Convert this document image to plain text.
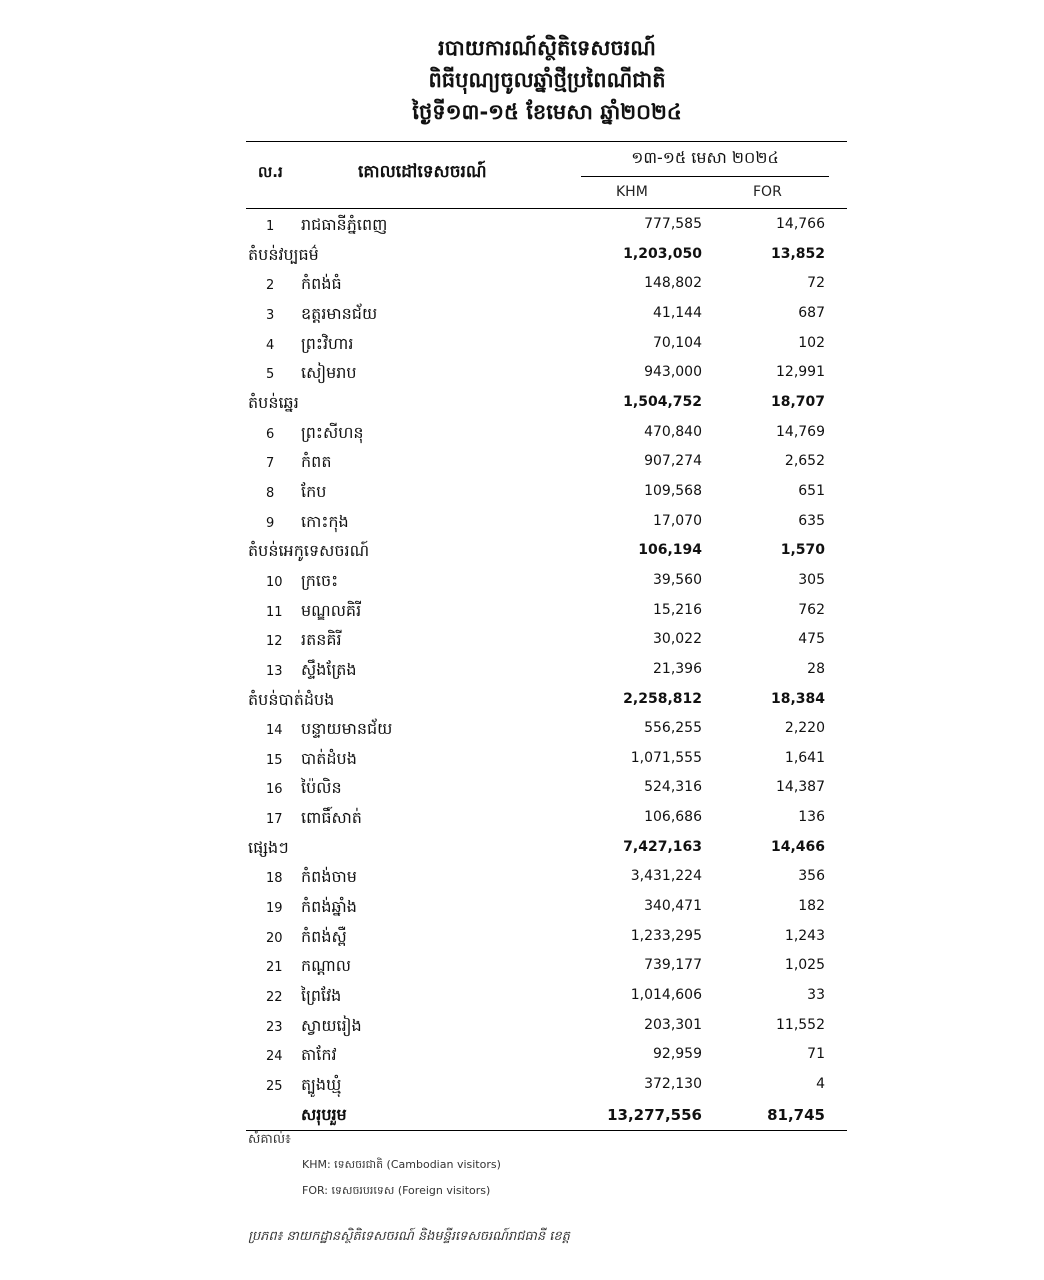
របាយការណ៍ស្ថិតិទេសចរណ៍
ពិធីបុណ្យចូលឆ្នាំថ្មីប្រពៃណីជាតិ
ថ្ងៃទី១៣-១៥ ខែមេសា ឆ្នាំ២០២៤
ល.រ	គោលដៅទេសចរណ៍
១៣-១៥ មេសា ២០២៤
KHM	FOR
1 រាជធានីភ្នំពេញ	777,585	14,766
តំបន់វប្បធម៌	1,203,050	13,852
2 កំពង់ធំ	148,802	72
3 ឧត្តរមានជ័យ	41,144	687
4 ព្រះវិហារ	70,104	102
5 សៀមរាប	943,000	12,991
តំបន់ឆ្នេរ	1,504,752	18,707
6 ព្រះសីហនុ	470,840	14,769
7 កំពត	907,274	2,652
8 កែប	109,568	651
9 កោះកុង	17,070	635
តំបន់អេកូទេសចរណ៍	106,194	1,570
10 ក្រចេះ	39,560	305
11 មណ្ឌលគិរី	15,216	762
12 រតនគិរី	30,022	475
13 ស្ទឹងត្រែង	21,396	28
តំបន់បាត់ដំបង	2,258,812	18,384
14 បន្ទាយមានជ័យ	556,255	2,220
15 បាត់ដំបង	1,071,555	1,641
16 ប៉ៃលិន	524,316	14,387
17 ពោធិ៍សាត់	106,686	136
ផ្សេងៗ	7,427,163	14,466
18 កំពង់ចាម	3,431,224	356
19 កំពង់ឆ្នាំង	340,471	182
20 កំពង់ស្ពឺ	1,233,295	1,243
21 កណ្ដាល	739,177	1,025
22 ព្រៃវែង	1,014,606	33
23 ស្វាយរៀង	203,301	11,552
24 តាកែវ	92,959	71
25 ត្បូងឃ្មុំ	372,130	4
សរុបរួម	13,277,556	81,745
សំគាល់៖
KHM: ទេសចរជាតិ (Cambodian visitors)
FOR: ទេសចរបរទេស (Foreign visitors)
ប្រភព៖ នាយកដ្ឋានស្ថិតិទេសចរណ៍ និងមន្ទីរទេសចរណ៍រាជធានី ខេត្ត
